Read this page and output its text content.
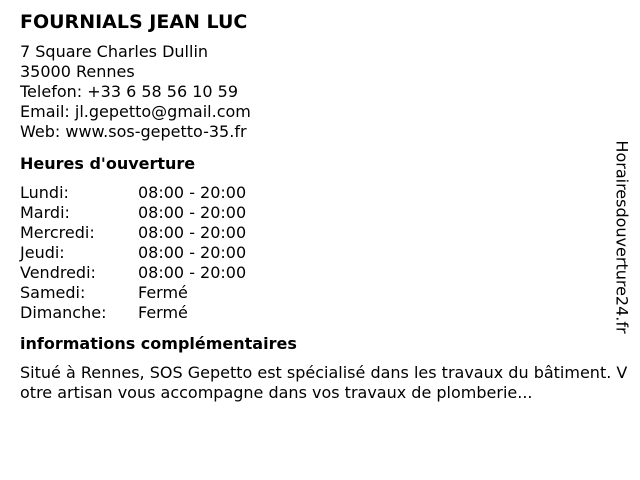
FOURNIALS JEAN LUC
7 Square Charles Dullin
35000 Rennes
Telefon: +33 6 58 56 10 59
Email: jl.gepetto@gmail.com
Web: www.sos-gepetto-35.fr
Heures d'ouverture
Lundi:	08:00 - 20:00
Mardi:	08:00 - 20:00
Mercredi:	08:00 - 20:00
Jeudi:	08:00 - 20:00
Vendredi:	08:00 - 20:00
Samedi:	Fermé
Dimanche:	Fermé
informations complémentaires
Situé à Rennes, SOS Gepetto est spécialisé dans les travaux du bâtiment. Votre artisan vous accompagne dans vos travaux de plomberie...
Horairesdouverture24.fr
